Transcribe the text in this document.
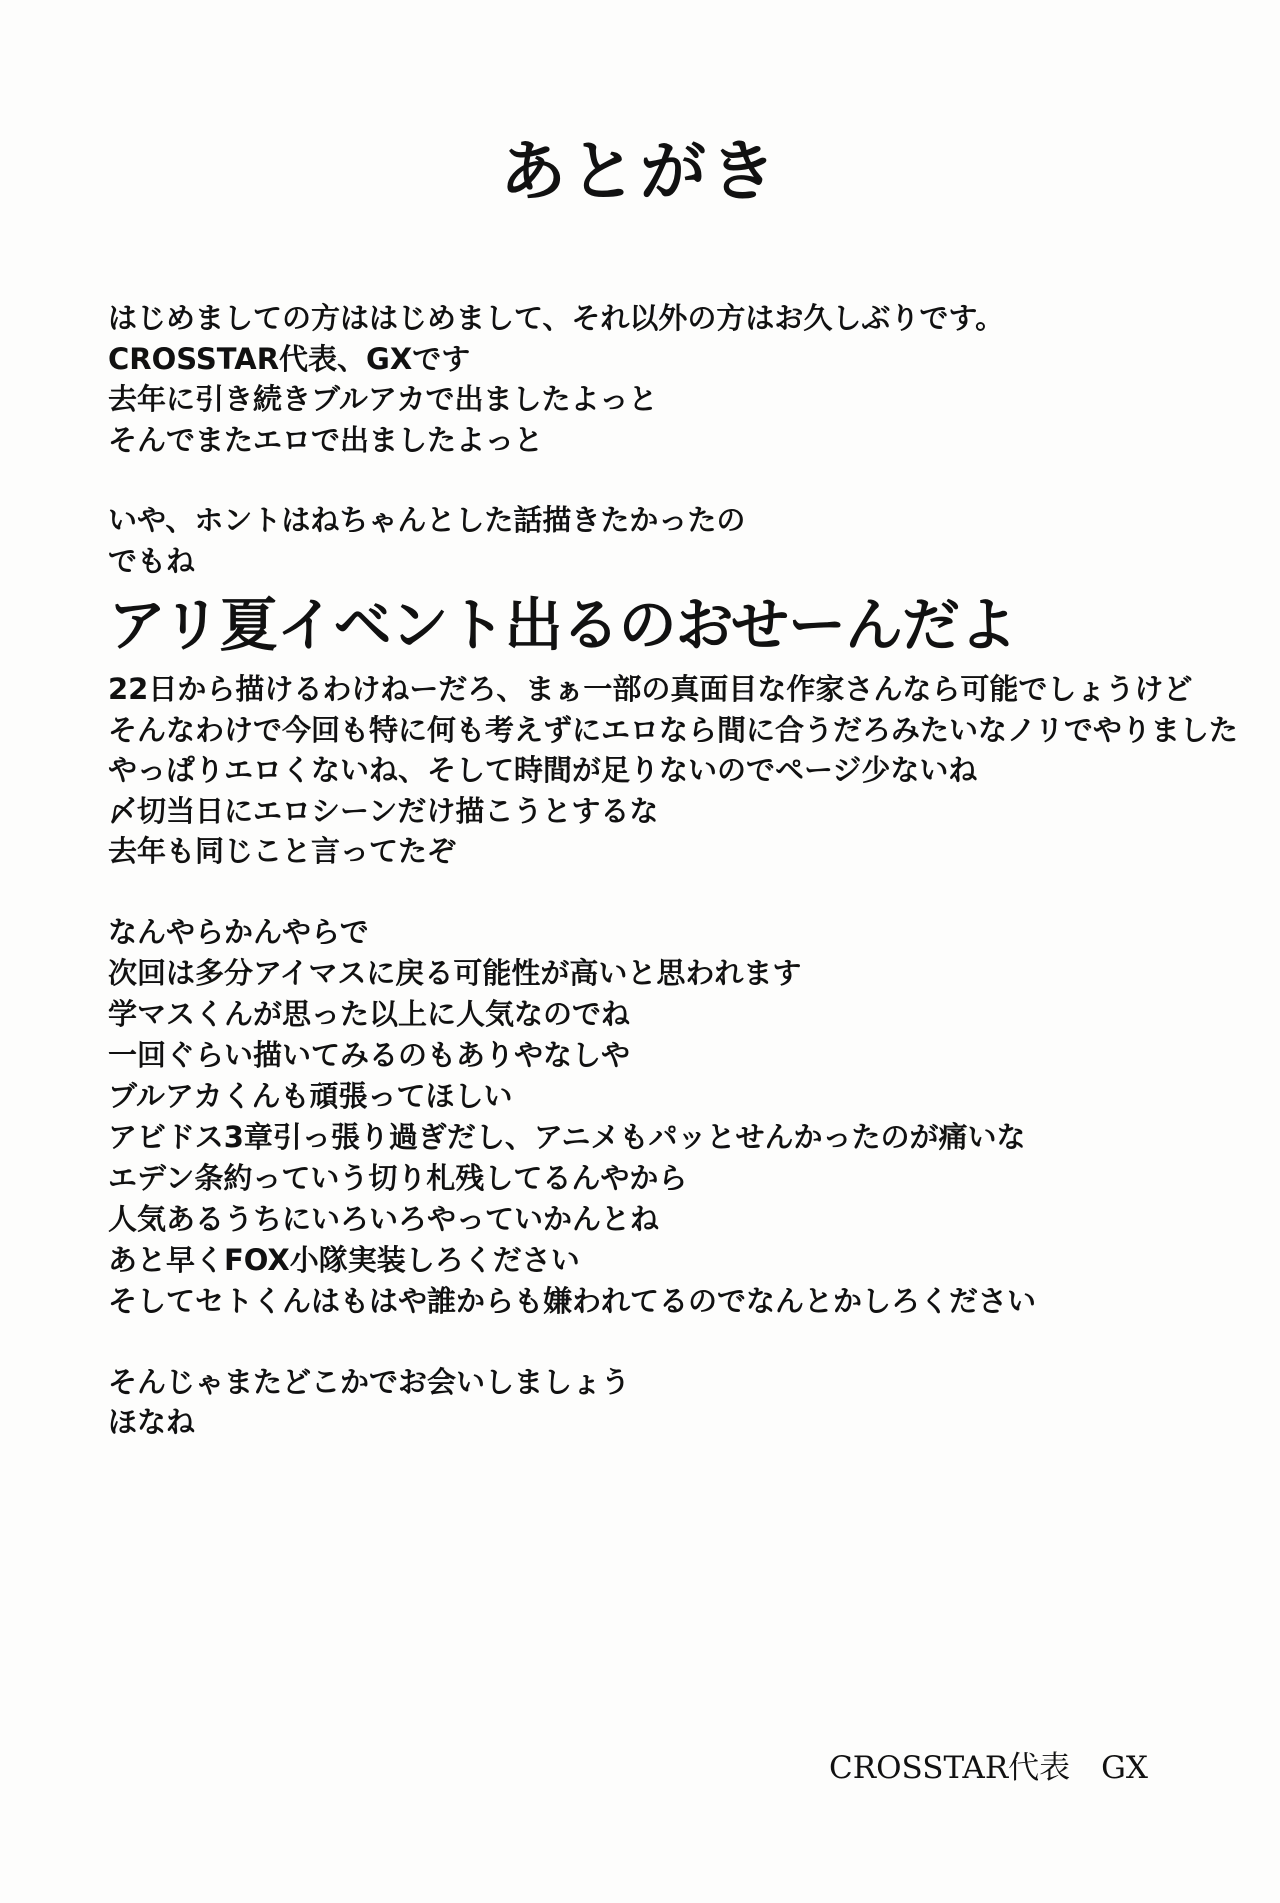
あとがき
はじめましての方ははじめまして、それ以外の方はお久しぶりです。
CROSSTAR代表、GXです
去年に引き続きブルアカで出ましたよっと
そんでまたエロで出ましたよっと
いや、ホントはねちゃんとした話描きたかったの
でもね
アリ夏イベント出るのおせーんだよ
22日から描けるわけねーだろ、まぁ一部の真面目な作家さんなら可能でしょうけど
そんなわけで今回も特に何も考えずにエロなら間に合うだろみたいなノリでやりました
やっぱりエロくないね、そして時間が足りないのでページ少ないね
〆切当日にエロシーンだけ描こうとするな
去年も同じこと言ってたぞ
なんやらかんやらで
次回は多分アイマスに戻る可能性が高いと思われます
学マスくんが思った以上に人気なのでね
一回ぐらい描いてみるのもありやなしや
ブルアカくんも頑張ってほしい
アビドス3章引っ張り過ぎだし、アニメもパッとせんかったのが痛いな
エデン条約っていう切り札残してるんやから
人気あるうちにいろいろやっていかんとね
あと早くFOX小隊実装しろください
そしてセトくんはもはや誰からも嫌われてるのでなんとかしろください
そんじゃまたどこかでお会いしましょう
ほなね
CROSSTAR代表　GX
